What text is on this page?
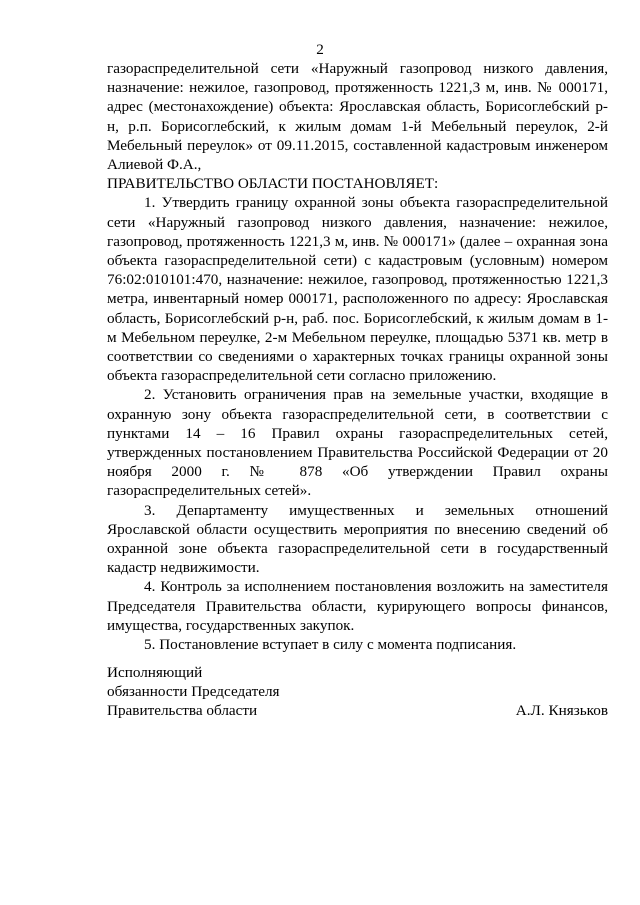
2

газораспределительной сети «Наружный газопровод низкого давления, назначение: нежилое, газопровод, протяженность 1221,3 м, инв. № 000171, адрес (местонахождение) объекта: Ярославская область, Борисоглебский р-н, р.п. Борисоглебский, к жилым домам 1-й Мебельный переулок, 2-й Мебельный переулок» от 09.11.2015, составленной кадастровым инженером Алиевой Ф.А.,

ПРАВИТЕЛЬСТВО ОБЛАСТИ ПОСТАНОВЛЯЕТ:

1. Утвердить границу охранной зоны объекта газораспределительной сети «Наружный газопровод низкого давления, назначение: нежилое, газопровод, протяженность 1221,3 м, инв. № 000171» (далее – охранная зона объекта газораспределительной сети) с кадастровым (условным) номером 76:02:010101:470, назначение: нежилое, газопровод, протяженностью 1221,3 метра, инвентарный номер 000171, расположенного по адресу: Ярославская область, Борисоглебский р-н, раб. пос. Борисоглебский, к жилым домам в 1-м Мебельном переулке, 2-м Мебельном переулке, площадью 5371 кв. метр в соответствии со сведениями о характерных точках границы охранной зоны объекта газораспределительной сети согласно приложению.

2. Установить ограничения прав на земельные участки, входящие в охранную зону объекта газораспределительной сети, в соответствии с пунктами 14 – 16 Правил охраны газораспределительных сетей, утвержденных постановлением Правительства Российской Федерации от 20 ноября 2000 г. № 878 «Об утверждении Правил охраны газораспределительных сетей».

3. Департаменту имущественных и земельных отношений Ярославской области осуществить мероприятия по внесению сведений об охранной зоне объекта газораспределительной сети в государственный кадастр недвижимости.

4. Контроль за исполнением постановления возложить на заместителя Председателя Правительства области, курирующего вопросы финансов, имущества, государственных закупок.

5. Постановление вступает в силу с момента подписания.

Исполняющий
обязанности Председателя
Правительства области	А.Л. Князьков
